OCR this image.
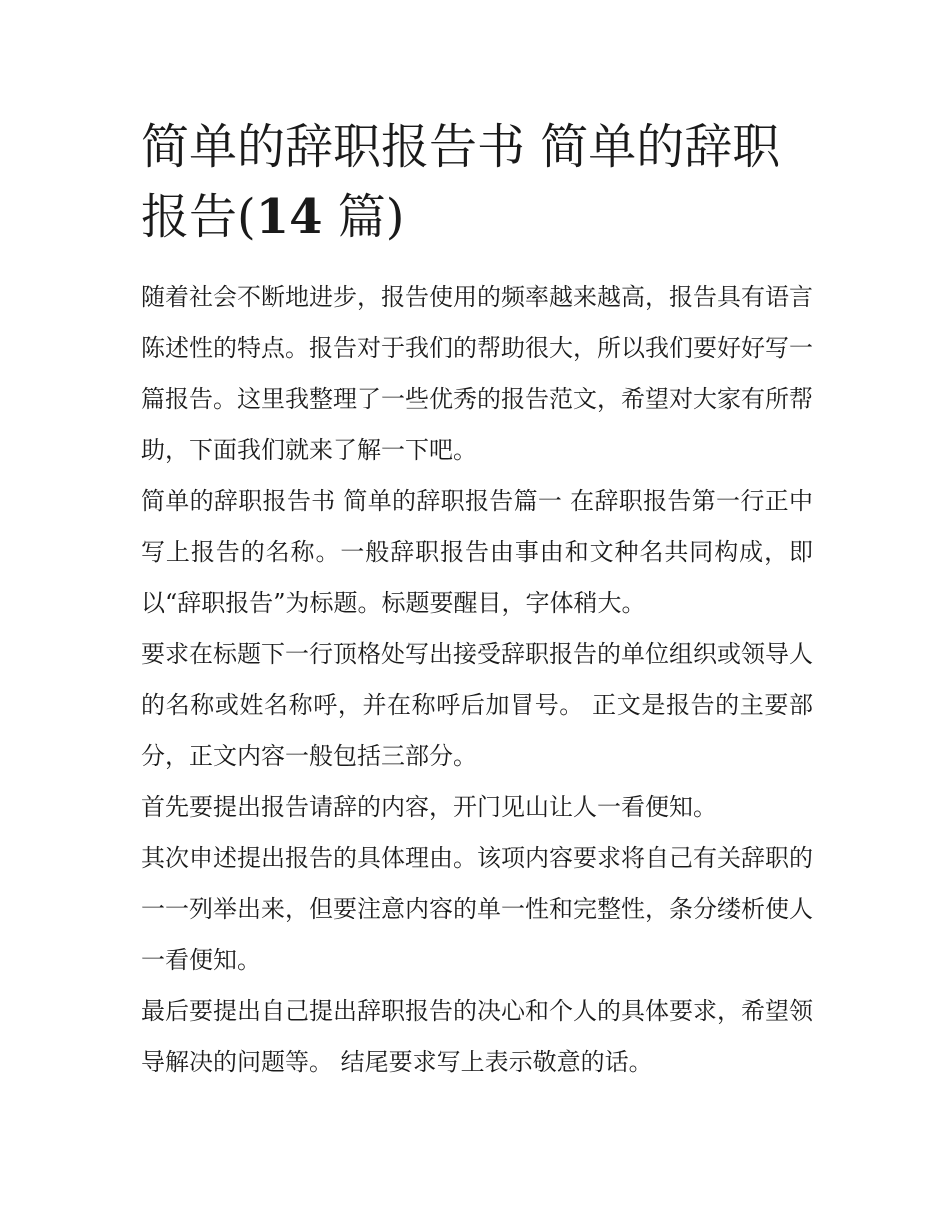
简单的辞职报告书 简单的辞职报告(14 篇)

随着社会不断地进步，报告使用的频率越来越高，报告具有语言陈述性的特点。报告对于我们的帮助很大，所以我们要好好写一篇报告。这里我整理了一些优秀的报告范文，希望对大家有所帮助，下面我们就来了解一下吧。

简单的辞职报告书 简单的辞职报告篇一 在辞职报告第一行正中写上报告的名称。一般辞职报告由事由和文种名共同构成，即以“辞职报告”为标题。标题要醒目，字体稍大。

要求在标题下一行顶格处写出接受辞职报告的单位组织或领导人的名称或姓名称呼，并在称呼后加冒号。 正文是报告的主要部分，正文内容一般包括三部分。

首先要提出报告请辞的内容，开门见山让人一看便知。

其次申述提出报告的具体理由。该项内容要求将自己有关辞职的一一列举出来，但要注意内容的单一性和完整性，条分缕析使人一看便知。

最后要提出自己提出辞职报告的决心和个人的具体要求，希望领导解决的问题等。 结尾要求写上表示敬意的话。
